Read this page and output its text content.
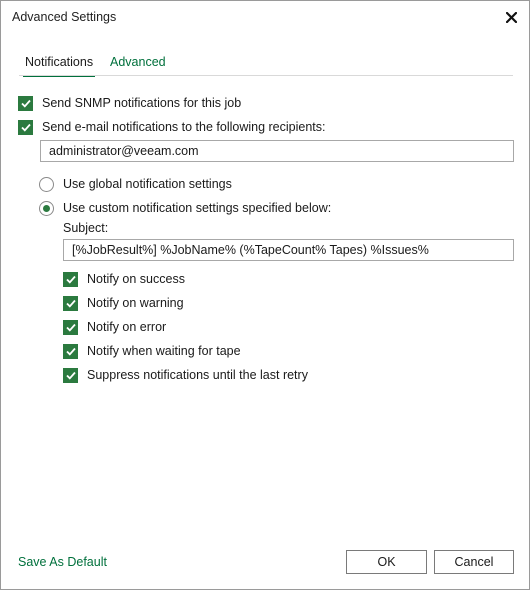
Advanced Settings
Notifications Advanced
Send SNMP notifications for this job
Send e-mail notifications to the following recipients:
administrator@veeam.com
Use global notification settings
Use custom notification settings specified below:
Subject:
[%JobResult%] %JobName% (%TapeCount% Tapes) %Issues%
Notify on success
Notify on warning
Notify on error
Notify when waiting for tape
Suppress notifications until the last retry
Save As Default	OK	Cancel
